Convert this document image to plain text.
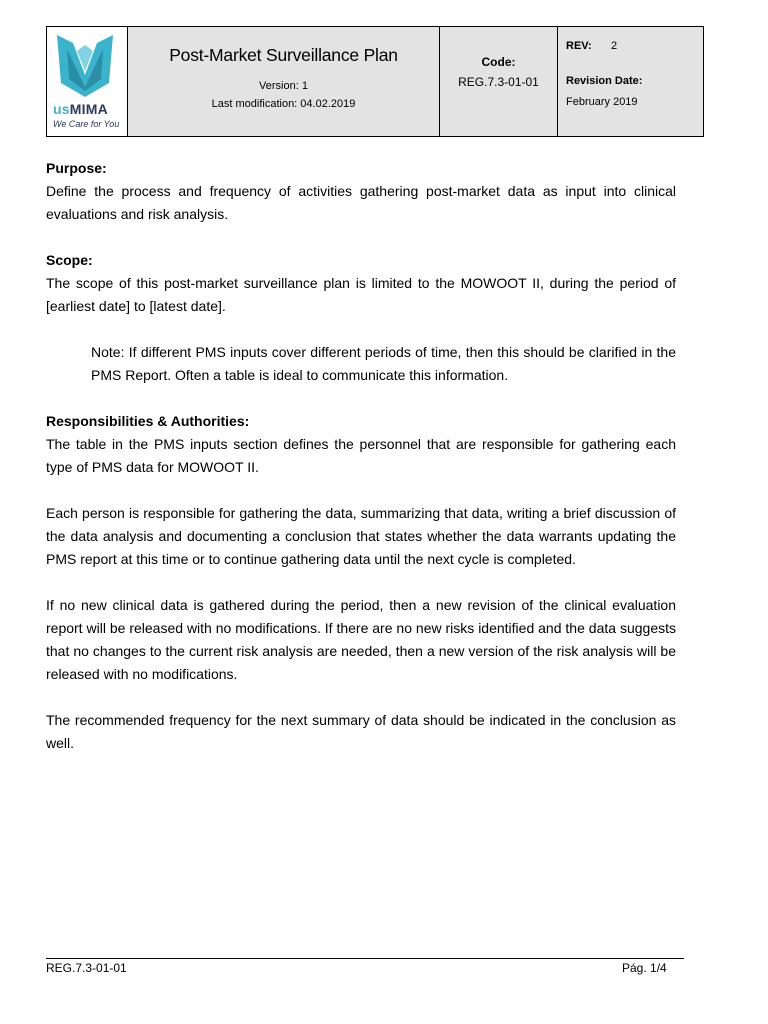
usMIMA
We Care for You

Post-Market Surveillance Plan
Version: 1
Last modification: 04.02.2019

Code:
REG.7.3-01-01

REV: 2
Revision Date:
February 2019
Purpose:

Define the process and frequency of activities gathering post-market data as input into clinical evaluations and risk analysis.

Scope:

The scope of this post-market surveillance plan is limited to the MOWOOT II, during the period of [earliest date] to [latest date].

Note: If different PMS inputs cover different periods of time, then this should be clarified in the PMS Report. Often a table is ideal to communicate this information.

Responsibilities & Authorities:

The table in the PMS inputs section defines the personnel that are responsible for gathering each type of PMS data for MOWOOT II.

Each person is responsible for gathering the data, summarizing that data, writing a brief discussion of the data analysis and documenting a conclusion that states whether the data warrants updating the PMS report at this time or to continue gathering data until the next cycle is completed.

If no new clinical data is gathered during the period, then a new revision of the clinical evaluation report will be released with no modifications. If there are no new risks identified and the data suggests that no changes to the current risk analysis are needed, then a new version of the risk analysis will be released with no modifications.

The recommended frequency for the next summary of data should be indicated in the conclusion as well.

REG.7.3-01-01	Pág. 1/4
